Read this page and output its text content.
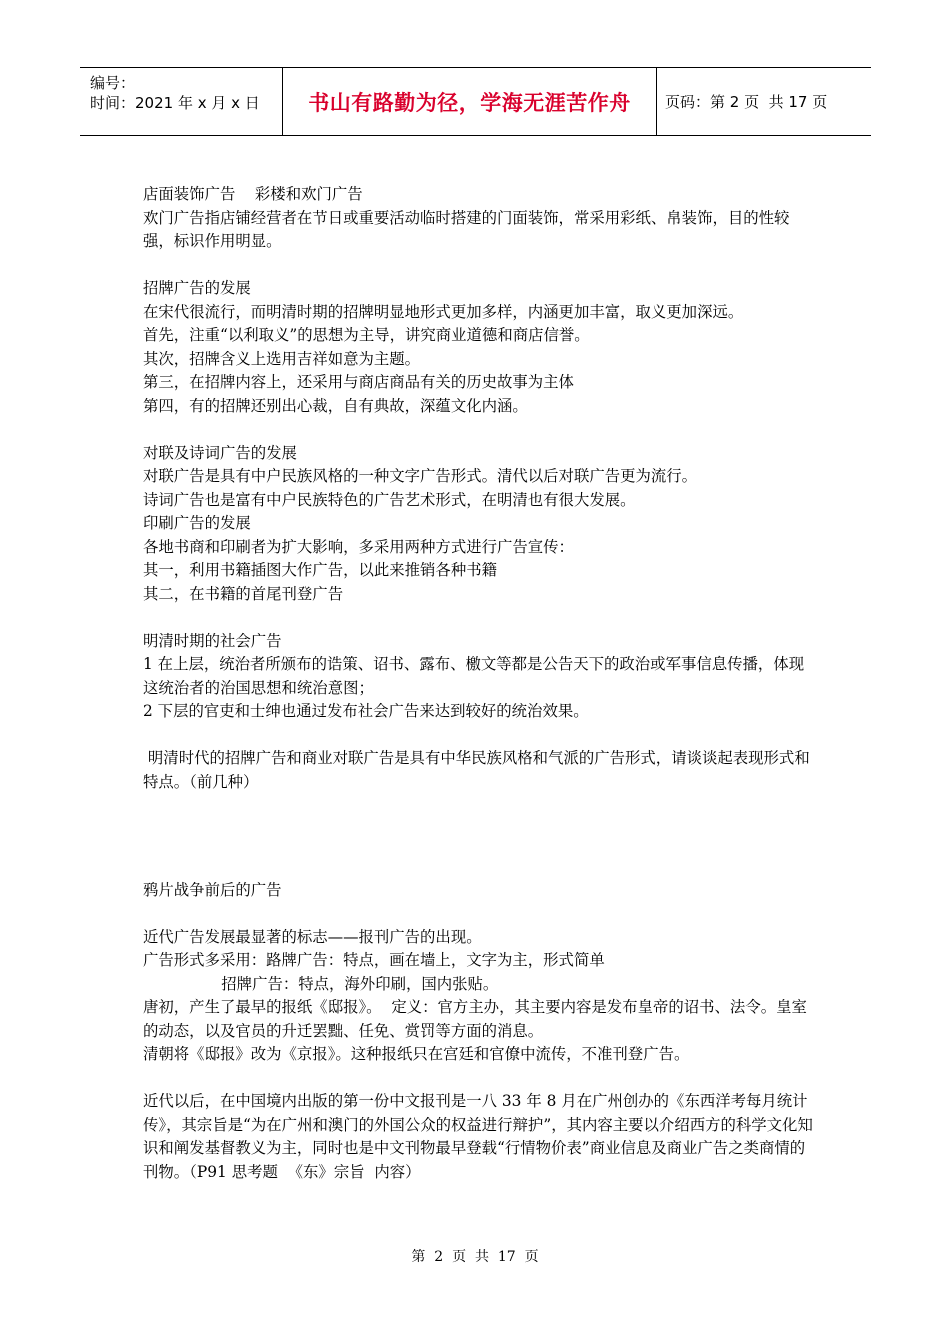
编号：
时间：2021 年 x 月 x 日	书山有路勤为径，学海无涯苦作舟	页码：第 2 页  共 17 页

店面装饰广告    彩楼和欢门广告

欢门广告指店铺经营者在节日或重要活动临时搭建的门面装饰，常采用彩纸、帛装饰，目的性较强，标识作用明显。

招牌广告的发展

在宋代很流行，而明清时期的招牌明显地形式更加多样，内涵更加丰富，取义更加深远。

首先，注重“以利取义”的思想为主导，讲究商业道德和商店信誉。

其次，招牌含义上选用吉祥如意为主题。

第三，在招牌内容上，还采用与商店商品有关的历史故事为主体

第四，有的招牌还别出心裁，自有典故，深蕴文化内涵。

对联及诗词广告的发展

对联广告是具有中户民族风格的一种文字广告形式。清代以后对联广告更为流行。

诗词广告也是富有中户民族特色的广告艺术形式，在明清也有很大发展。

印刷广告的发展

各地书商和印刷者为扩大影响，多采用两种方式进行广告宣传：

其一，利用书籍插图大作广告，以此来推销各种书籍

其二，在书籍的首尾刊登广告

明清时期的社会广告

1 在上层，统治者所颁布的诰策、诏书、露布、檄文等都是公告天下的政治或军事信息传播，体现这统治者的治国思想和统治意图；

2 下层的官吏和士绅也通过发布社会广告来达到较好的统治效果。

明清时代的招牌广告和商业对联广告是具有中华民族风格和气派的广告形式，请谈谈起表现形式和特点。（前几种）

鸦片战争前后的广告

近代广告发展最显著的标志——报刊广告的出现。

广告形式多采用：路牌广告：特点，画在墙上，文字为主，形式简单

招牌广告：特点，海外印刷，国内张贴。

唐初，产生了最早的报纸《邸报》。  定义：官方主办，其主要内容是发布皇帝的诏书、法令。皇室的动态，以及官员的升迁罢黜、任免、赏罚等方面的消息。

清朝将《邸报》改为《京报》。这种报纸只在宫廷和官僚中流传，不准刊登广告。

近代以后，在中国境内出版的第一份中文报刊是一八 33 年 8 月在广州创办的《东西洋考每月统计传》，其宗旨是“为在广州和澳门的外国公众的权益进行辩护”，其内容主要以介绍西方的科学文化知识和阐发基督教义为主，同时也是中文刊物最早登载“行情物价表”商业信息及商业广告之类商情的刊物。（P91 思考题  《东》宗旨  内容）

第  2  页  共  17  页
